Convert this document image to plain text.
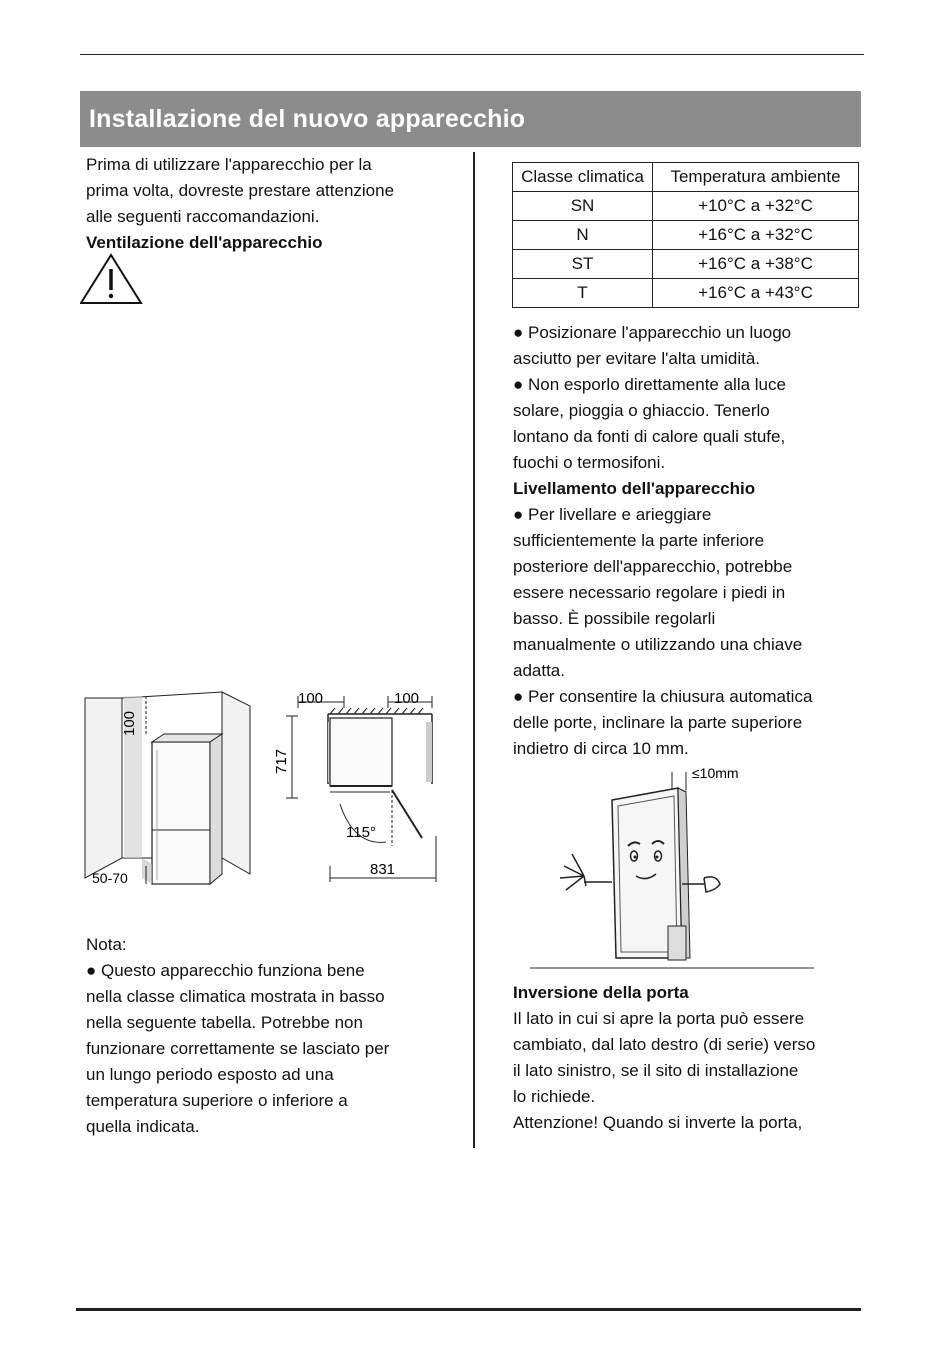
Installazione del nuovo apparecchio
Prima di utilizzare l'apparecchio per la
prima volta, dovreste prestare attenzione
alle seguenti raccomandazioni.
Ventilazione dell'apparecchio
100
50-70
100	100
717
115°
831
Nota:
● Questo apparecchio funziona bene
nella classe climatica mostrata in basso
nella seguente tabella. Potrebbe non
funzionare correttamente se lasciato per
un lungo periodo esposto ad una
temperatura superiore o inferiore a
quella indicata.
Classe climatica	Temperatura ambiente
SN	+10°C a +32°C
N	+16°C a +32°C
ST	+16°C a +38°C
T	+16°C a +43°C
● Posizionare l'apparecchio un luogo
asciutto per evitare l'alta umidità.
● Non esporlo direttamente alla luce
solare, pioggia o ghiaccio. Tenerlo
lontano da fonti di calore quali stufe,
fuochi o termosifoni.
Livellamento dell'apparecchio
● Per livellare e arieggiare
sufficientemente la parte inferiore
posteriore dell'apparecchio, potrebbe
essere necessario regolare i piedi in
basso. È possibile regolarli
manualmente o utilizzando una chiave
adatta.
● Per consentire la chiusura automatica
delle porte, inclinare la parte superiore
indietro di circa 10 mm.
≤10mm
Inversione della porta
Il lato in cui si apre la porta può essere
cambiato, dal lato destro (di serie) verso
il lato sinistro, se il sito di installazione
lo richiede.
Attenzione! Quando si inverte la porta,
